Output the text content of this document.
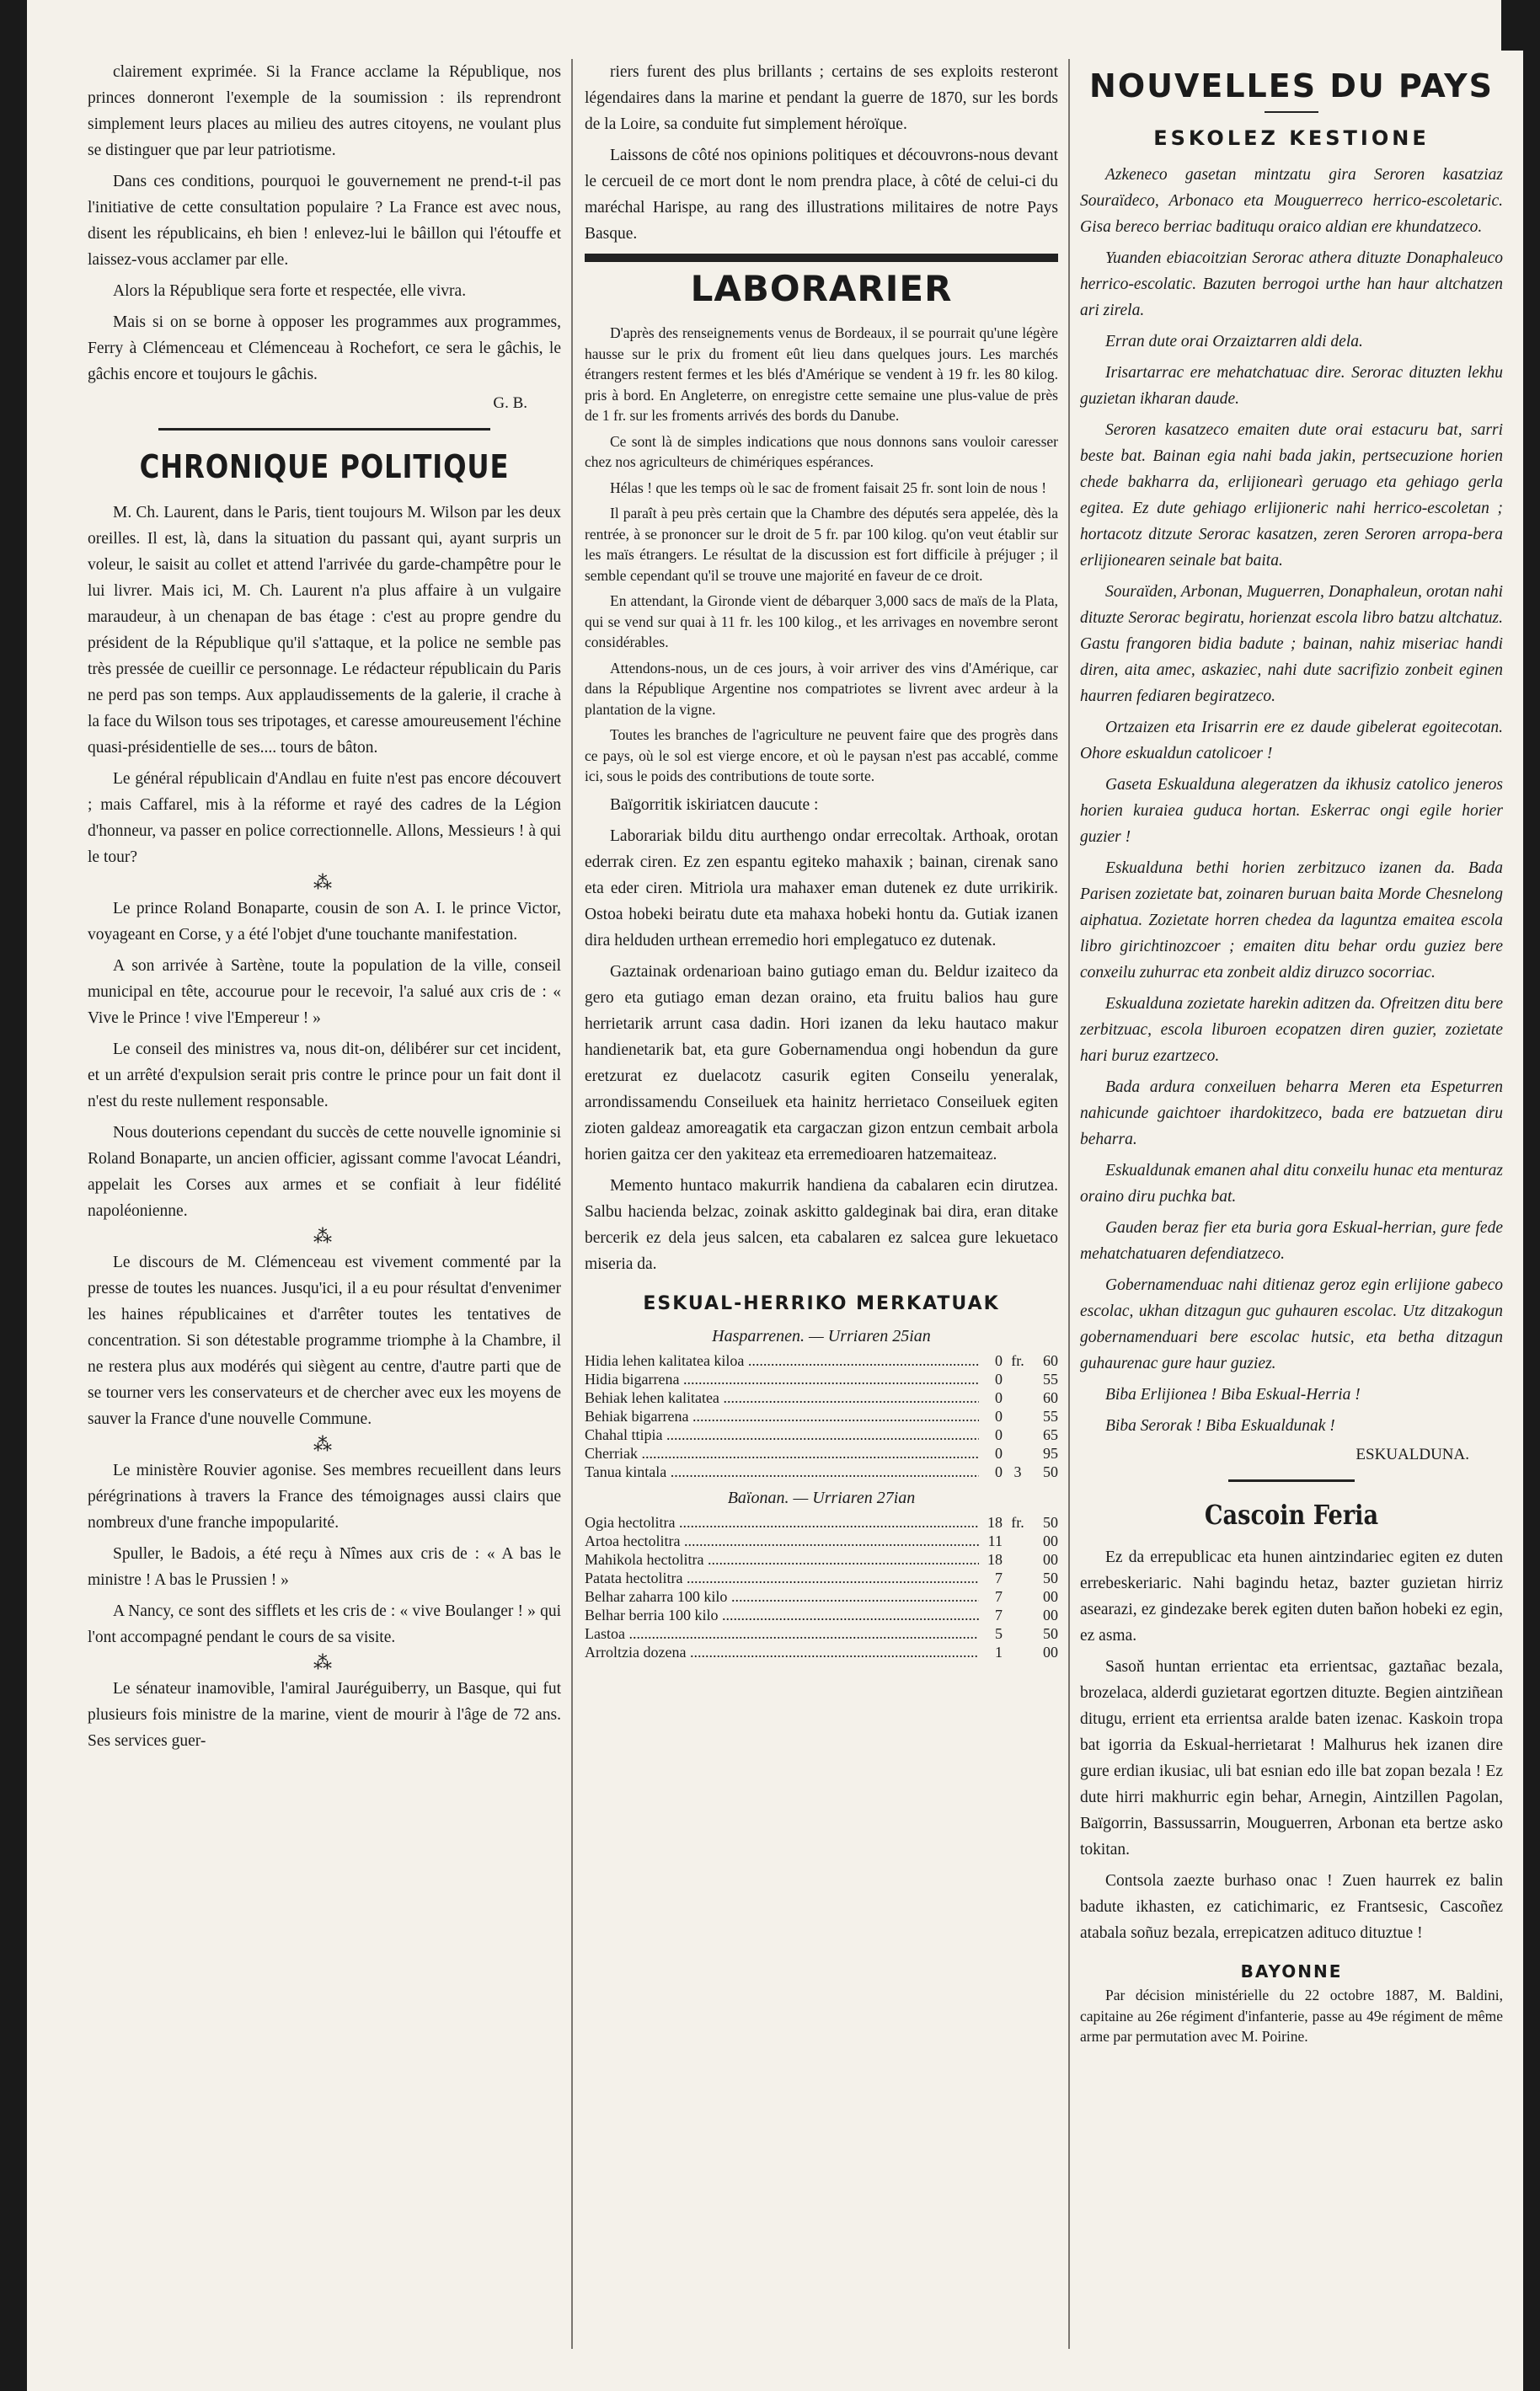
clairement exprimée. Si la France acclame la République, nos princes donneront l'exemple de la soumission : ils reprendront simplement leurs places au milieu des autres citoyens, ne voulant plus se distinguer que par leur patriotisme.

Dans ces conditions, pourquoi le gouvernement ne prend-t-il pas l'initiative de cette consultation populaire ? La France est avec nous, disent les républicains, eh bien ! enlevez-lui le bâillon qui l'étouffe et laissez-vous acclamer par elle.

Alors la République sera forte et respectée, elle vivra.

Mais si on se borne à opposer les programmes aux programmes, Ferry à Clémenceau et Clémenceau à Rochefort, ce sera le gâchis, le gâchis encore et toujours le gâchis.

G. B.
CHRONIQUE POLITIQUE

M. Ch. Laurent, dans le Paris, tient toujours M. Wilson par les deux oreilles. Il est, là, dans la situation du passant qui, ayant surpris un voleur, le saisit au collet et attend l'arrivée du garde-champêtre pour le lui livrer. Mais ici, M. Ch. Laurent n'a plus affaire à un vulgaire maraudeur, à un chenapan de bas étage : c'est au propre gendre du président de la République qu'il s'attaque, et la police ne semble pas très pressée de cueillir ce personnage. Le rédacteur républicain du Paris ne perd pas son temps. Aux applaudissements de la galerie, il crache à la face du Wilson tous ses tripotages, et caresse amoureusement l'échine quasi-présidentielle de ses.... tours de bâton.

Le général républicain d'Andlau en fuite n'est pas encore découvert ; mais Caffarel, mis à la réforme et rayé des cadres de la Légion d'honneur, va passer en police correctionnelle. Allons, Messieurs ! à qui le tour?

⁂

Le prince Roland Bonaparte, cousin de son A. I. le prince Victor, voyageant en Corse, y a été l'objet d'une touchante manifestation.

A son arrivée à Sartène, toute la population de la ville, conseil municipal en tête, accourue pour le recevoir, l'a salué aux cris de : « Vive le Prince ! vive l'Empereur ! »

Le conseil des ministres va, nous dit-on, délibérer sur cet incident, et un arrêté d'expulsion serait pris contre le prince pour un fait dont il n'est du reste nullement responsable.

Nous douterions cependant du succès de cette nouvelle ignominie si Roland Bonaparte, un ancien officier, agissant comme l'avocat Léandri, appelait les Corses aux armes et se confiait à leur fidélité napoléonienne.

⁂

Le discours de M. Clémenceau est vivement commenté par la presse de toutes les nuances. Jusqu'ici, il a eu pour résultat d'envenimer les haines républicaines et d'arrêter toutes les tentatives de concentration. Si son détestable programme triomphe à la Chambre, il ne restera plus aux modérés qui siègent au centre, d'autre parti que de se tourner vers les conservateurs et de chercher avec eux les moyens de sauver la France d'une nouvelle Commune.

⁂

Le ministère Rouvier agonise. Ses membres recueillent dans leurs pérégrinations à travers la France des témoignages aussi clairs que nombreux d'une franche impopularité.

Spuller, le Badois, a été reçu à Nîmes aux cris de : « A bas le ministre ! A bas le Prussien ! »

A Nancy, ce sont des sifflets et les cris de : « vive Boulanger ! » qui l'ont accompagné pendant le cours de sa visite.

⁂

Le sénateur inamovible, l'amiral Jauréguiberry, un Basque, qui fut plusieurs fois ministre de la marine, vient de mourir à l'âge de 72 ans. Ses services guer-

riers furent des plus brillants ; certains de ses exploits resteront légendaires dans la marine et pendant la guerre de 1870, sur les bords de la Loire, sa conduite fut simplement héroïque.

Laissons de côté nos opinions politiques et découvrons-nous devant le cercueil de ce mort dont le nom prendra place, à côté de celui-ci du maréchal Harispe, au rang des illustrations militaires de notre Pays Basque.

LABORARIER

D'après des renseignements venus de Bordeaux, il se pourrait qu'une légère hausse sur le prix du froment eût lieu dans quelques jours. Les marchés étrangers restent fermes et les blés d'Amérique se vendent à 19 fr. les 80 kilog. pris à bord. En Angleterre, on enregistre cette semaine une plus-value de près de 1 fr. sur les froments arrivés des bords du Danube.

Ce sont là de simples indications que nous donnons sans vouloir caresser chez nos agriculteurs de chimériques espérances.

Hélas ! que les temps où le sac de froment faisait 25 fr. sont loin de nous !

Il paraît à peu près certain que la Chambre des députés sera appelée, dès la rentrée, à se prononcer sur le droit de 5 fr. par 100 kilog. qu'on veut établir sur les maïs étrangers. Le résultat de la discussion est fort difficile à préjuger ; il semble cependant qu'il se trouve une majorité en faveur de ce droit.

En attendant, la Gironde vient de débarquer 3,000 sacs de maïs de la Plata, qui se vend sur quai à 11 fr. les 100 kilog., et les arrivages en novembre seront considérables.

Attendons-nous, un de ces jours, à voir arriver des vins d'Amérique, car dans la République Argentine nos compatriotes se livrent avec ardeur à la plantation de la vigne.

Toutes les branches de l'agriculture ne peuvent faire que des progrès dans ce pays, où le sol est vierge encore, et où le paysan n'est pas accablé, comme ici, sous le poids des contributions de toute sorte.

Baïgorritik iskiriatcen daucute :

Laborariak bildu ditu aurthengo ondar errecoltak. Arthoak, orotan ederrak ciren. Ez zen espantu egiteko mahaxik ; bainan, cirenak sano eta eder ciren. Mitriola ura mahaxer eman dutenek ez dute urrikirik. Ostoa hobeki beiratu dute eta mahaxa hobeki hontu da. Gutiak izanen dira helduden urthean erremedio hori emplegatuco ez dutenak.

Gaztainak ordenarioan baino gutiago eman du. Beldur izaiteco da gero eta gutiago eman dezan oraino, eta fruitu balios hau gure herrietarik arrunt casa dadin. Hori izanen da leku hautaco makur handienetarik bat, eta gure Gobernamendua ongi hobendun da gure eretzurat ez duelacotz casurik egiten Conseilu yeneralak, arrondissamendu Conseiluek eta hainitz herrietaco Conseiluek egiten zioten galdeaz amoreagatik eta cargaczan gizon entzun cembait arbola horien gaitza cer den yakiteaz eta erremedioaren hatzemaiteaz.

Memento huntaco makurrik handiena da cabalaren ecin dirutzea. Salbu hacienda belzac, zoinak askitto galdeginak bai dira, eran ditake bercerik ez dela jeus salcen, eta cabalaren ez salcea gure lekuetaco miseria da.

ESKUAL-HERRIKO MERKATUAK
Hasparrenen. — Urriaren 25ian
Hidia lehen kalitatea kiloa .....	0 fr.	60
Hidia bigarrena .....	0	55
Behiak lehen kalitatea .....	0	60
Behiak bigarrena .....	0	55
Chahal ttipia .....	0	65
Cherriak .....	0	95
Tanua kintala .....	0 3	50
Baïonan. — Urriaren 27ian
Ogia hectolitra .....	18 fr.	50
Artoa hectolitra .....	11	00
Mahikola hectolitra .....	18	00
Patata hectolitra .....	7	50
Belhar zaharra 100 kilo .....	7	00
Belhar berria 100 kilo .....	7	00
Lastoa .....	5	50
Arroltzia dozena .....	1	00
NOUVELLES DU PAYS
ESKOLEZ KESTIONE

Azkeneco gasetan mintzatu gira Seroren kasatziaz Souraïdeco, Arbonaco eta Mouguerreco herrico-escoletaric. Gisa bereco berriac badituqu oraico aldian ere khundatzeco.

Yuanden ebiacoitzian Serorac athera dituzte Donaphaleuco herrico-escolatic. Bazuten berrogoi urthe han haur altchatzen ari zirela.

Erran dute orai Orzaiztarren aldi dela.

Irisartarrac ere mehatchatuac dire. Serorac dituzten lekhu guzietan ikharan daude.

Seroren kasatzeco emaiten dute orai estacuru bat, sarri beste bat. Bainan egia nahi bada jakin, pertsecuzione horien chede bakharra da, erlijionearì geruago eta gehiago gerla egitea. Ez dute gehiago erlijioneric nahi herrico-escoletan ; hortacotz ditzute Serorac kasatzen, zeren Seroren arropa-bera erlijionearen seinale bat baita.

Souraïden, Arbonan, Muguerren, Donaphaleun, orotan nahi dituzte Serorac begiratu, horienzat escola libro batzu altchatuz. Gastu frangoren bidia badute ; bainan, nahiz miseriac handi diren, aita amec, askaziec, nahi dute sacrifizio zonbeit eginen haurren fediaren begiratzeco.

Ortzaizen eta Irisarrin ere ez daude gibelerat egoitecotan. Ohore eskualdun catolicoer !

Gaseta Eskualduna alegeratzen da ikhusiz catolico jeneros horien kuraiea guduca hortan. Eskerrac ongi egile horier guzier !

Eskualduna bethi horien zerbitzuco izanen da. Bada Parisen zozietate bat, zoinaren buruan baita Morde Chesnelong aiphatua. Zozietate horren chedea da laguntza emaitea escola libro girichtinozcoer ; emaiten ditu behar ordu guziez bere conxeilu zuhurrac eta zonbeit aldiz diruzco socorriac.

Eskualduna zozietate harekin aditzen da. Ofreitzen ditu bere zerbitzuac, escola liburoen ecopatzen diren guzier, zozietate hari buruz ezartzeco.

Bada ardura conxeiluen beharra Meren eta Espeturren nahicunde gaichtoer ihardokitzeco, bada ere batzuetan diru beharra.

Eskualdunak emanen ahal ditu conxeilu hunac eta menturaz oraino diru puchka bat.

Gauden beraz fier eta buria gora Eskual-herrian, gure fede mehatchatuaren defendiatzeco.

Gobernamenduac nahi ditienaz geroz egin erlijione gabeco escolac, ukhan ditzagun guc guhauren escolac. Utz ditzakogun gobernamenduari bere escolac hutsic, eta betha ditzagun guhaurenac gure haur guziez.

Biba Erlijionea ! Biba Eskual-Herria !

Biba Serorak ! Biba Eskualdunak !

ESKUALDUNA.
Cascoin Feria

Ez da errepublicac eta hunen aintzindariec egiten ez duten errebeskeriaric. Nahi bagindu hetaz, bazter guzietan hirriz asearazi, ez gindezake berek egiten duten baňon hobeki ez egin, ez asma.

Sasoň huntan errientac eta errientsac, gaztañac bezala, brozelaca, alderdi guzietarat egortzen dituzte. Begien aintziñean ditugu, errient eta errientsa aralde baten izenac. Kaskoin tropa bat igorria da Eskual-herrietarat ! Malhurus hek izanen dire gure erdian ikusiac, uli bat esnian edo ille bat zopan bezala ! Ez dute hirri makhurric egin behar, Arnegin, Aintzillen Pagolan, Baïgorrin, Bassussarrin, Mouguerren, Arbonan eta bertze asko tokitan.

Contsola zaezte burhaso onac ! Zuen haurrek ez balin badute ikhasten, ez catichimaric, ez Frantsesic, Cascoñez atabala soñuz bezala, errepicatzen adituco dituztue !

BAYONNE

Par décision ministérielle du 22 octobre 1887, M. Baldini, capitaine au 26e régiment d'infanterie, passe au 49e régiment de même arme par permutation avec M. Poirine.
